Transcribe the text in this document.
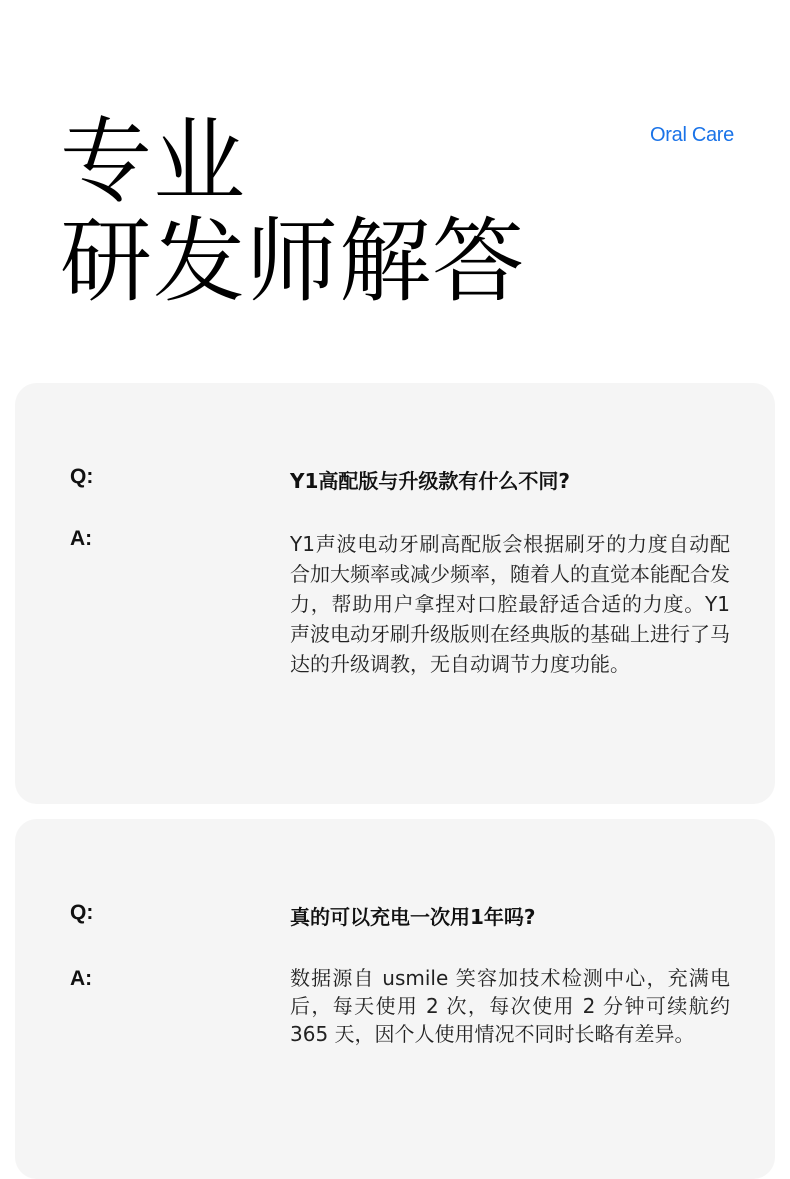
专业
研发师解答
Oral Care
Q:	Y1高配版与升级款有什么不同?
A:	Y1声波电动牙刷高配版会根据刷牙的力度自动配合加大频率或减少频率，随着人的直觉本能配合发力，帮助用户拿捏对口腔最舒适合适的力度。Y1声波电动牙刷升级版则在经典版的基础上进行了马达的升级调教，无自动调节力度功能。
Q:	真的可以充电一次用1年吗?
A:	数据源自 usmile 笑容加技术检测中心，充满电后，每天使用 2 次，每次使用 2 分钟可续航约 365 天，因个人使用情况不同时长略有差异。
